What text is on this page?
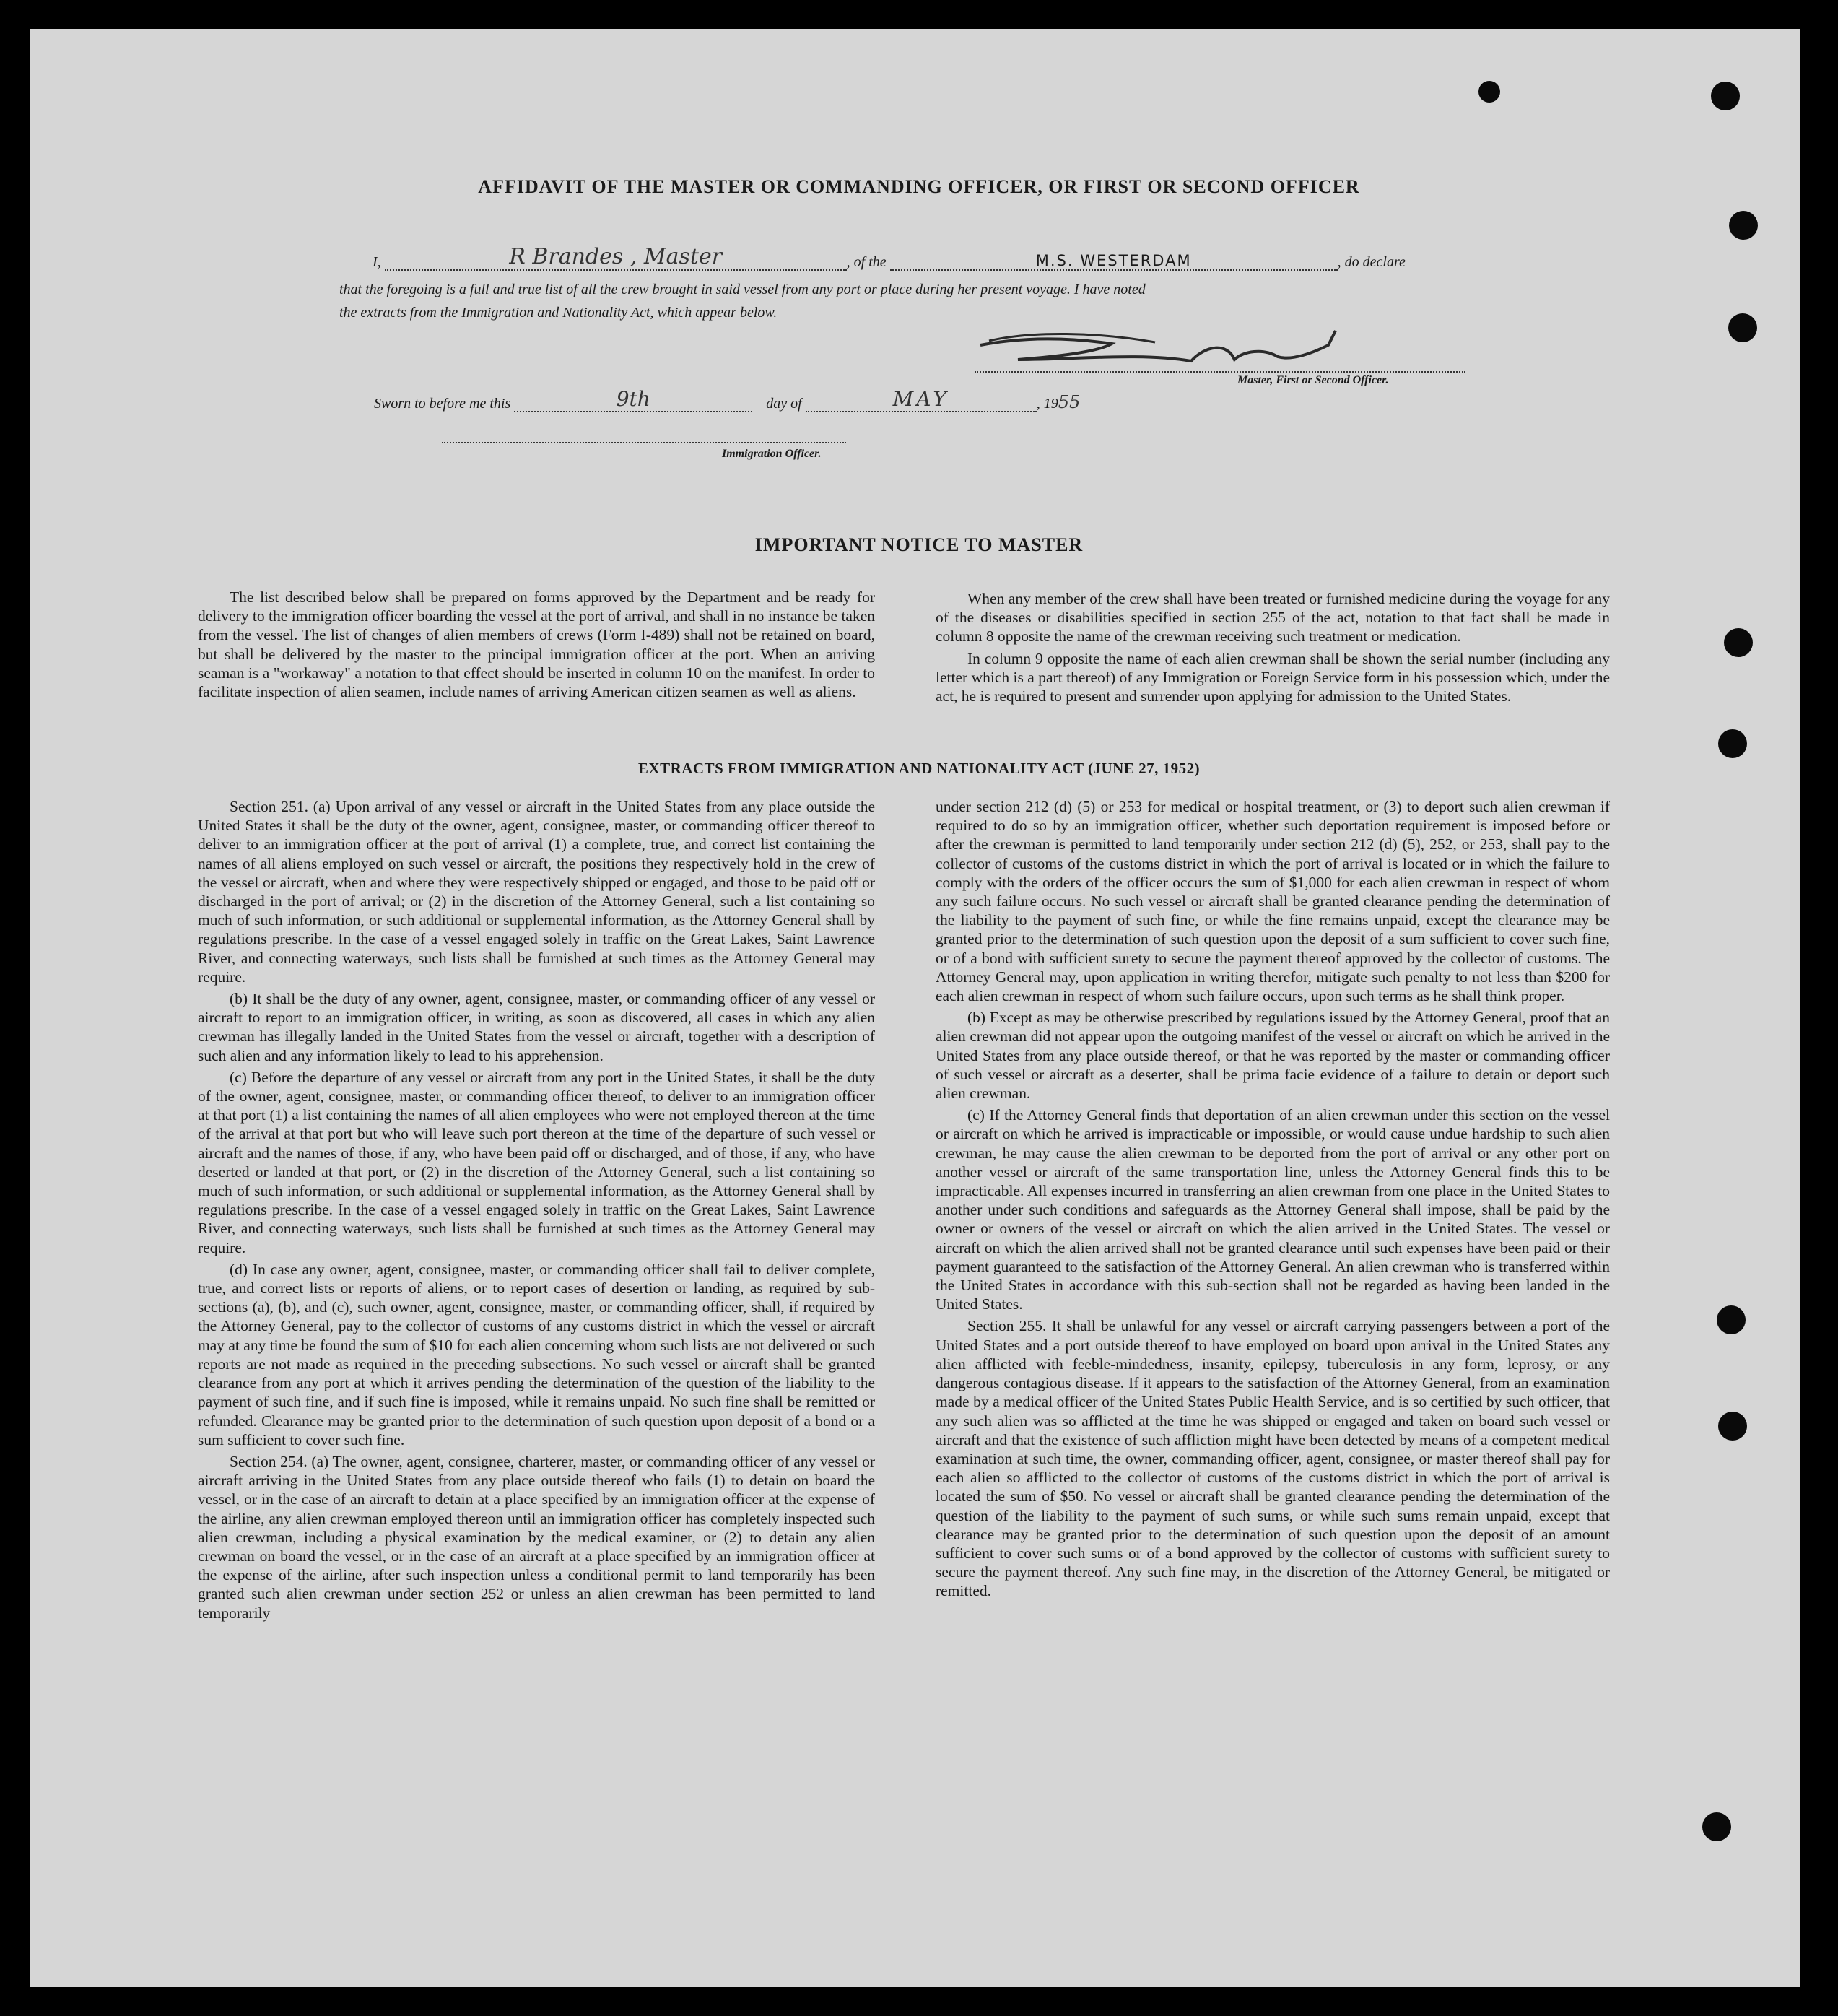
AFFIDAVIT OF THE MASTER OR COMMANDING OFFICER, OR FIRST OR SECOND OFFICER
I,	R Brandes , Master	, of the	M.S. WESTERDAM	, do declare
that the foregoing is a full and true list of all the crew brought in said vessel from any port or place during her present voyage. I have noted
the extracts from the Immigration and Nationality Act, which appear below.
Master, First or Second Officer.
Sworn to before me this	9th	day of	MAY	, 1955
Immigration Officer.
IMPORTANT NOTICE TO MASTER

The list described below shall be prepared on forms approved by the Department and be ready for delivery to the immigration officer boarding the vessel at the port of arrival, and shall in no instance be taken from the vessel. The list of changes of alien members of crews (Form I-489) shall not be retained on board, but shall be delivered by the master to the principal immigration officer at the port. When an arriving seaman is a "workaway" a notation to that effect should be inserted in column 10 on the manifest. In order to facilitate inspection of alien seamen, include names of arriving American citizen seamen as well as aliens.

When any member of the crew shall have been treated or furnished medicine during the voyage for any of the diseases or disabilities specified in section 255 of the act, notation to that fact shall be made in column 8 opposite the name of the crewman receiving such treatment or medication.

In column 9 opposite the name of each alien crewman shall be shown the serial number (including any letter which is a part thereof) of any Immigration or Foreign Service form in his possession which, under the act, he is required to present and surrender upon applying for admission to the United States.

EXTRACTS FROM IMMIGRATION AND NATIONALITY ACT (JUNE 27, 1952)

Section 251. (a) Upon arrival of any vessel or aircraft in the United States from any place outside the United States it shall be the duty of the owner, agent, consignee, master, or commanding officer thereof to deliver to an immigration officer at the port of arrival (1) a complete, true, and correct list containing the names of all aliens employed on such vessel or aircraft, the positions they respectively hold in the crew of the vessel or aircraft, when and where they were respectively shipped or engaged, and those to be paid off or discharged in the port of arrival; or (2) in the discretion of the Attorney General, such a list containing so much of such information, or such additional or supplemental information, as the Attorney General shall by regulations prescribe. In the case of a vessel engaged solely in traffic on the Great Lakes, Saint Lawrence River, and connecting waterways, such lists shall be furnished at such times as the Attorney General may require.

(b) It shall be the duty of any owner, agent, consignee, master, or commanding officer of any vessel or aircraft to report to an immigration officer, in writing, as soon as discovered, all cases in which any alien crewman has illegally landed in the United States from the vessel or aircraft, together with a description of such alien and any information likely to lead to his apprehension.

(c) Before the departure of any vessel or aircraft from any port in the United States, it shall be the duty of the owner, agent, consignee, master, or commanding officer thereof, to deliver to an immigration officer at that port (1) a list containing the names of all alien employees who were not employed thereon at the time of the arrival at that port but who will leave such port thereon at the time of the departure of such vessel or aircraft and the names of those, if any, who have been paid off or discharged, and of those, if any, who have deserted or landed at that port, or (2) in the discretion of the Attorney General, such a list containing so much of such information, or such additional or supplemental information, as the Attorney General shall by regulations prescribe. In the case of a vessel engaged solely in traffic on the Great Lakes, Saint Lawrence River, and connecting waterways, such lists shall be furnished at such times as the Attorney General may require.

(d) In case any owner, agent, consignee, master, or commanding officer shall fail to deliver complete, true, and correct lists or reports of aliens, or to report cases of desertion or landing, as required by sub-sections (a), (b), and (c), such owner, agent, consignee, master, or commanding officer, shall, if required by the Attorney General, pay to the collector of customs of any customs district in which the vessel or aircraft may at any time be found the sum of $10 for each alien concerning whom such lists are not delivered or such reports are not made as required in the preceding subsections. No such vessel or aircraft shall be granted clearance from any port at which it arrives pending the determination of the question of the liability to the payment of such fine, and if such fine is imposed, while it remains unpaid. No such fine shall be remitted or refunded. Clearance may be granted prior to the determination of such question upon deposit of a bond or a sum sufficient to cover such fine.

Section 254. (a) The owner, agent, consignee, charterer, master, or commanding officer of any vessel or aircraft arriving in the United States from any place outside thereof who fails (1) to detain on board the vessel, or in the case of an aircraft to detain at a place specified by an immigration officer at the expense of the airline, any alien crewman employed thereon until an immigration officer has completely inspected such alien crewman, including a physical examination by the medical examiner, or (2) to detain any alien crewman on board the vessel, or in the case of an aircraft at a place specified by an immigration officer at the expense of the airline, after such inspection unless a conditional permit to land temporarily has been granted such alien crewman under section 252 or unless an alien crewman has been permitted to land temporarily

under section 212 (d) (5) or 253 for medical or hospital treatment, or (3) to deport such alien crewman if required to do so by an immigration officer, whether such deportation requirement is imposed before or after the crewman is permitted to land temporarily under section 212 (d) (5), 252, or 253, shall pay to the collector of customs of the customs district in which the port of arrival is located or in which the failure to comply with the orders of the officer occurs the sum of $1,000 for each alien crewman in respect of whom any such failure occurs. No such vessel or aircraft shall be granted clearance pending the determination of the liability to the payment of such fine, or while the fine remains unpaid, except the clearance may be granted prior to the determination of such question upon the deposit of a sum sufficient to cover such fine, or of a bond with sufficient surety to secure the payment thereof approved by the collector of customs. The Attorney General may, upon application in writing therefor, mitigate such penalty to not less than $200 for each alien crewman in respect of whom such failure occurs, upon such terms as he shall think proper.

(b) Except as may be otherwise prescribed by regulations issued by the Attorney General, proof that an alien crewman did not appear upon the outgoing manifest of the vessel or aircraft on which he arrived in the United States from any place outside thereof, or that he was reported by the master or commanding officer of such vessel or aircraft as a deserter, shall be prima facie evidence of a failure to detain or deport such alien crewman.

(c) If the Attorney General finds that deportation of an alien crewman under this section on the vessel or aircraft on which he arrived is impracticable or impossible, or would cause undue hardship to such alien crewman, he may cause the alien crewman to be deported from the port of arrival or any other port on another vessel or aircraft of the same transportation line, unless the Attorney General finds this to be impracticable. All expenses incurred in transferring an alien crewman from one place in the United States to another under such conditions and safeguards as the Attorney General shall impose, shall be paid by the owner or owners of the vessel or aircraft on which the alien arrived in the United States. The vessel or aircraft on which the alien arrived shall not be granted clearance until such expenses have been paid or their payment guaranteed to the satisfaction of the Attorney General. An alien crewman who is transferred within the United States in accordance with this sub-section shall not be regarded as having been landed in the United States.

Section 255. It shall be unlawful for any vessel or aircraft carrying passengers between a port of the United States and a port outside thereof to have employed on board upon arrival in the United States any alien afflicted with feeble-mindedness, insanity, epilepsy, tuberculosis in any form, leprosy, or any dangerous contagious disease. If it appears to the satisfaction of the Attorney General, from an examination made by a medical officer of the United States Public Health Service, and is so certified by such officer, that any such alien was so afflicted at the time he was shipped or engaged and taken on board such vessel or aircraft and that the existence of such affliction might have been detected by means of a competent medical examination at such time, the owner, commanding officer, agent, consignee, or master thereof shall pay for each alien so afflicted to the collector of customs of the customs district in which the port of arrival is located the sum of $50. No vessel or aircraft shall be granted clearance pending the determination of the question of the liability to the payment of such sums, or while such sums remain unpaid, except that clearance may be granted prior to the determination of such question upon the deposit of an amount sufficient to cover such sums or of a bond approved by the collector of customs with sufficient surety to secure the payment thereof. Any such fine may, in the discretion of the Attorney General, be mitigated or remitted.
